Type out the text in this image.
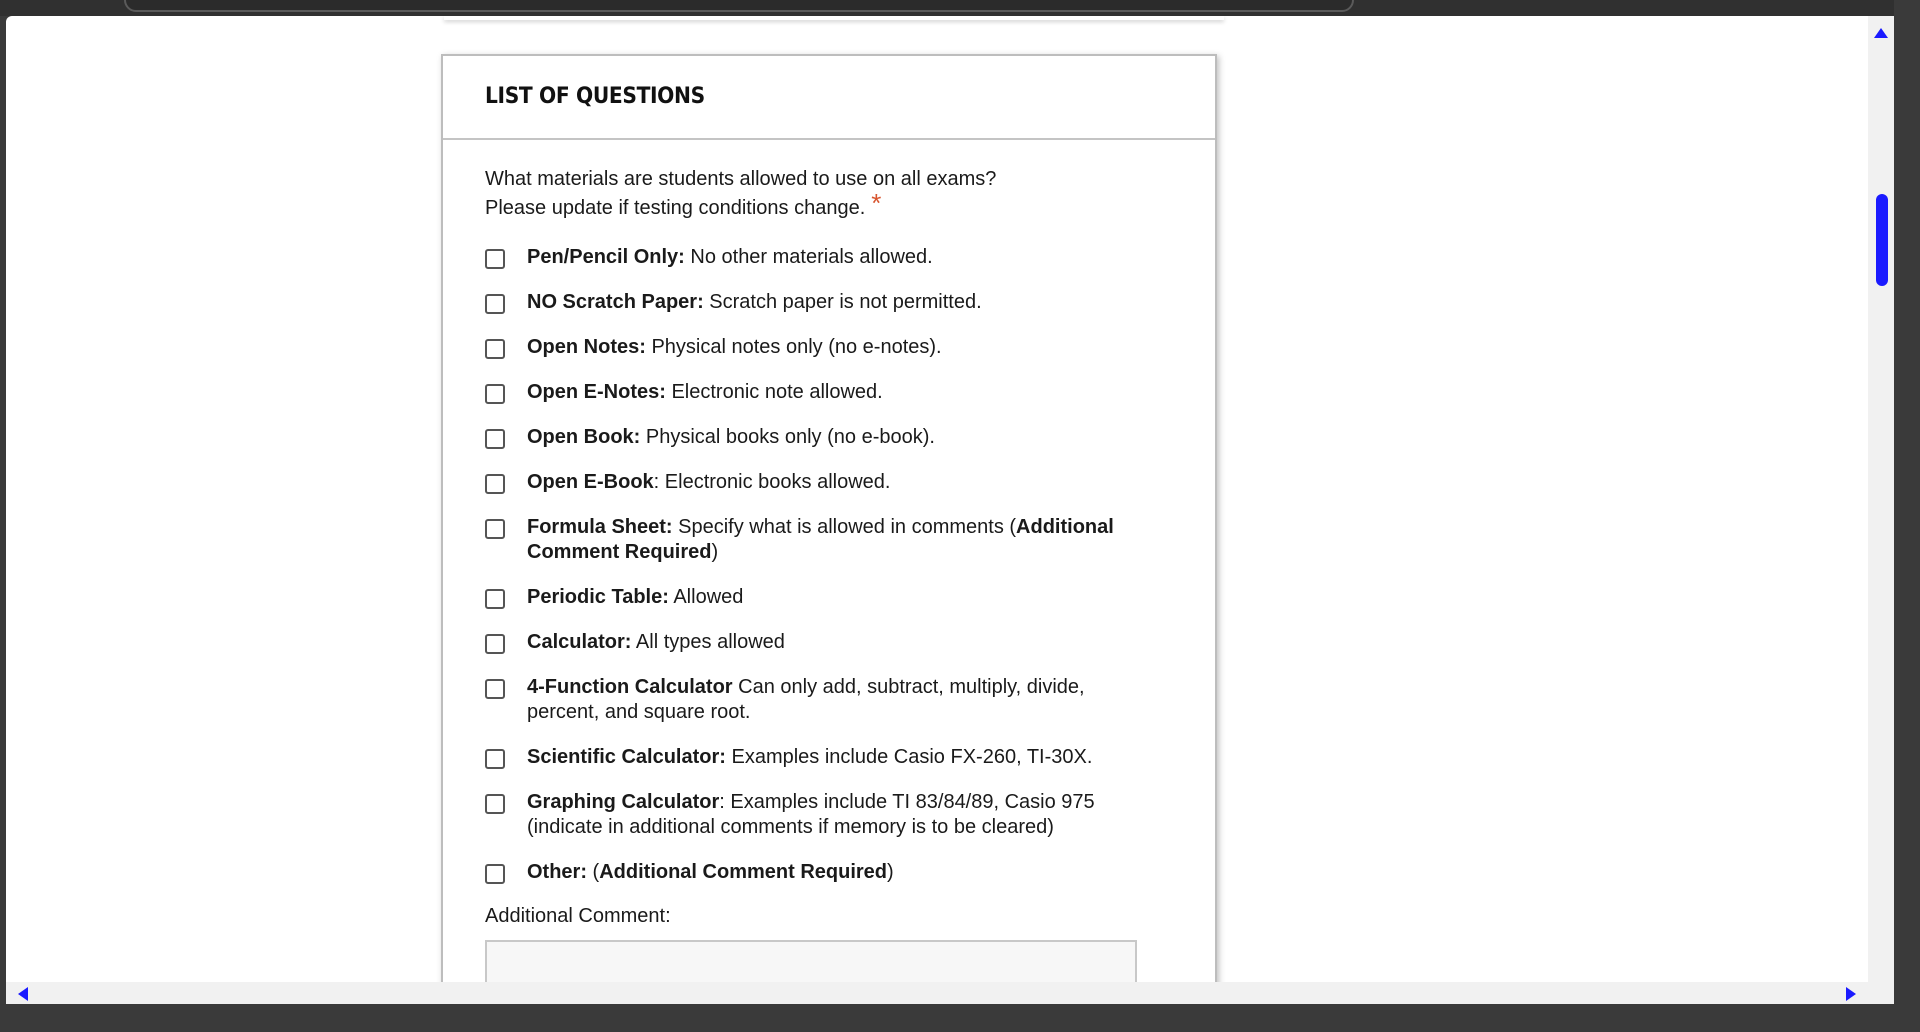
LIST OF QUESTIONS
What materials are students allowed to use on all exams?
Please update if testing conditions change. *
Pen/Pencil Only: No other materials allowed.
NO Scratch Paper: Scratch paper is not permitted.
Open Notes: Physical notes only (no e-notes).
Open E-Notes: Electronic note allowed.
Open Book: Physical books only (no e-book).
Open E-Book: Electronic books allowed.
Formula Sheet: Specify what is allowed in comments (Additional Comment Required)
Periodic Table: Allowed
Calculator: All types allowed
4-Function Calculator Can only add, subtract, multiply, divide, percent, and square root.
Scientific Calculator: Examples include Casio FX-260, TI-30X.
Graphing Calculator: Examples include TI 83/84/89, Casio 975 (indicate in additional comments if memory is to be cleared)
Other: (Additional Comment Required)
Additional Comment:
